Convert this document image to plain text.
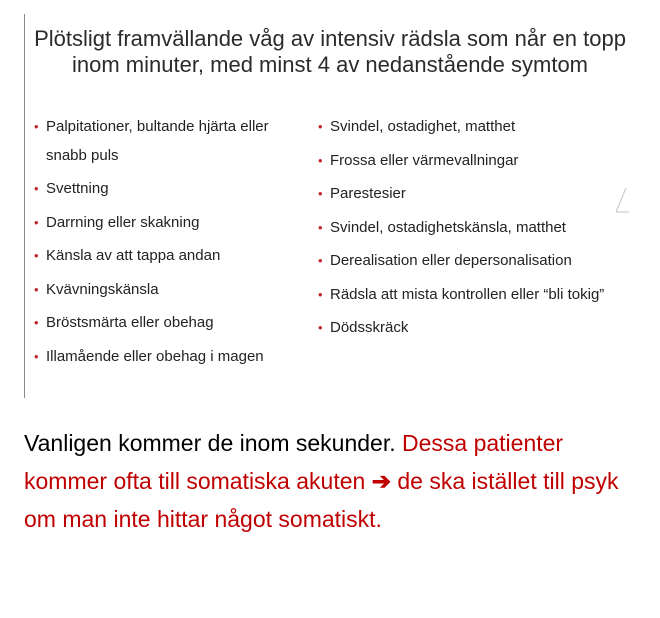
Plötsligt framvällande våg av intensiv rädsla som når en topp inom minuter, med minst 4 av nedanstående symtom
• Palpitationer, bultande hjärta eller snabb puls
• Svettning
• Darrning eller skakning
• Känsla av att tappa andan
• Kvävningskänsla
• Bröstsmärta eller obehag
• Illamående eller obehag i magen
• Svindel, ostadighet, matthet
• Frossa eller värmevallningar
• Parestesier
• Svindel, ostadighetskänsla, matthet
• Derealisation eller depersonalisation
• Rädsla att mista kontrollen eller “bli tokig”
• Dödsskräck

Vanligen kommer de inom sekunder. Dessa patienter kommer ofta till somatiska akuten ➔ de ska istället till psyk om man inte hittar något somatiskt.
